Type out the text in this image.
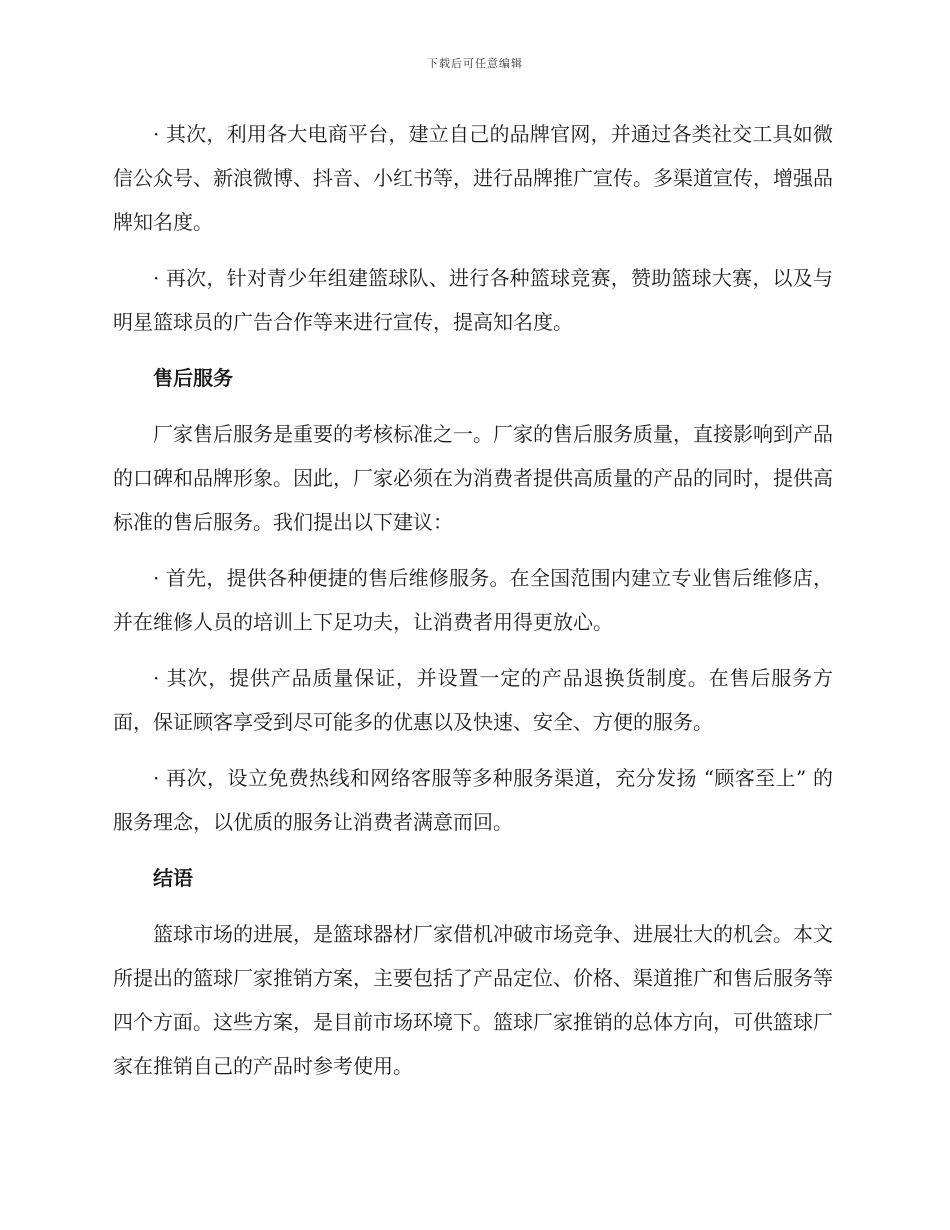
下载后可任意编辑

· 其次，利用各大电商平台，建立自己的品牌官网，并通过各类社交工具如微信公众号、新浪微博、抖音、小红书等，进行品牌推广宣传。多渠道宣传，增强品牌知名度。

· 再次，针对青少年组建篮球队、进行各种篮球竞赛，赞助篮球大赛，以及与明星篮球员的广告合作等来进行宣传，提高知名度。

售后服务

厂家售后服务是重要的考核标准之一。厂家的售后服务质量，直接影响到产品的口碑和品牌形象。因此，厂家必须在为消费者提供高质量的产品的同时，提供高标准的售后服务。我们提出以下建议：

· 首先，提供各种便捷的售后维修服务。在全国范围内建立专业售后维修店，并在维修人员的培训上下足功夫，让消费者用得更放心。

· 其次，提供产品质量保证，并设置一定的产品退换货制度。在售后服务方面，保证顾客享受到尽可能多的优惠以及快速、安全、方便的服务。

· 再次，设立免费热线和网络客服等多种服务渠道，充分发扬 “顾客至上” 的服务理念，以优质的服务让消费者满意而回。

结语

篮球市场的进展，是篮球器材厂家借机冲破市场竞争、进展壮大的机会。本文所提出的篮球厂家推销方案，主要包括了产品定位、价格、渠道推广和售后服务等四个方面。这些方案，是目前市场环境下。篮球厂家推销的总体方向，可供篮球厂家在推销自己的产品时参考使用。
